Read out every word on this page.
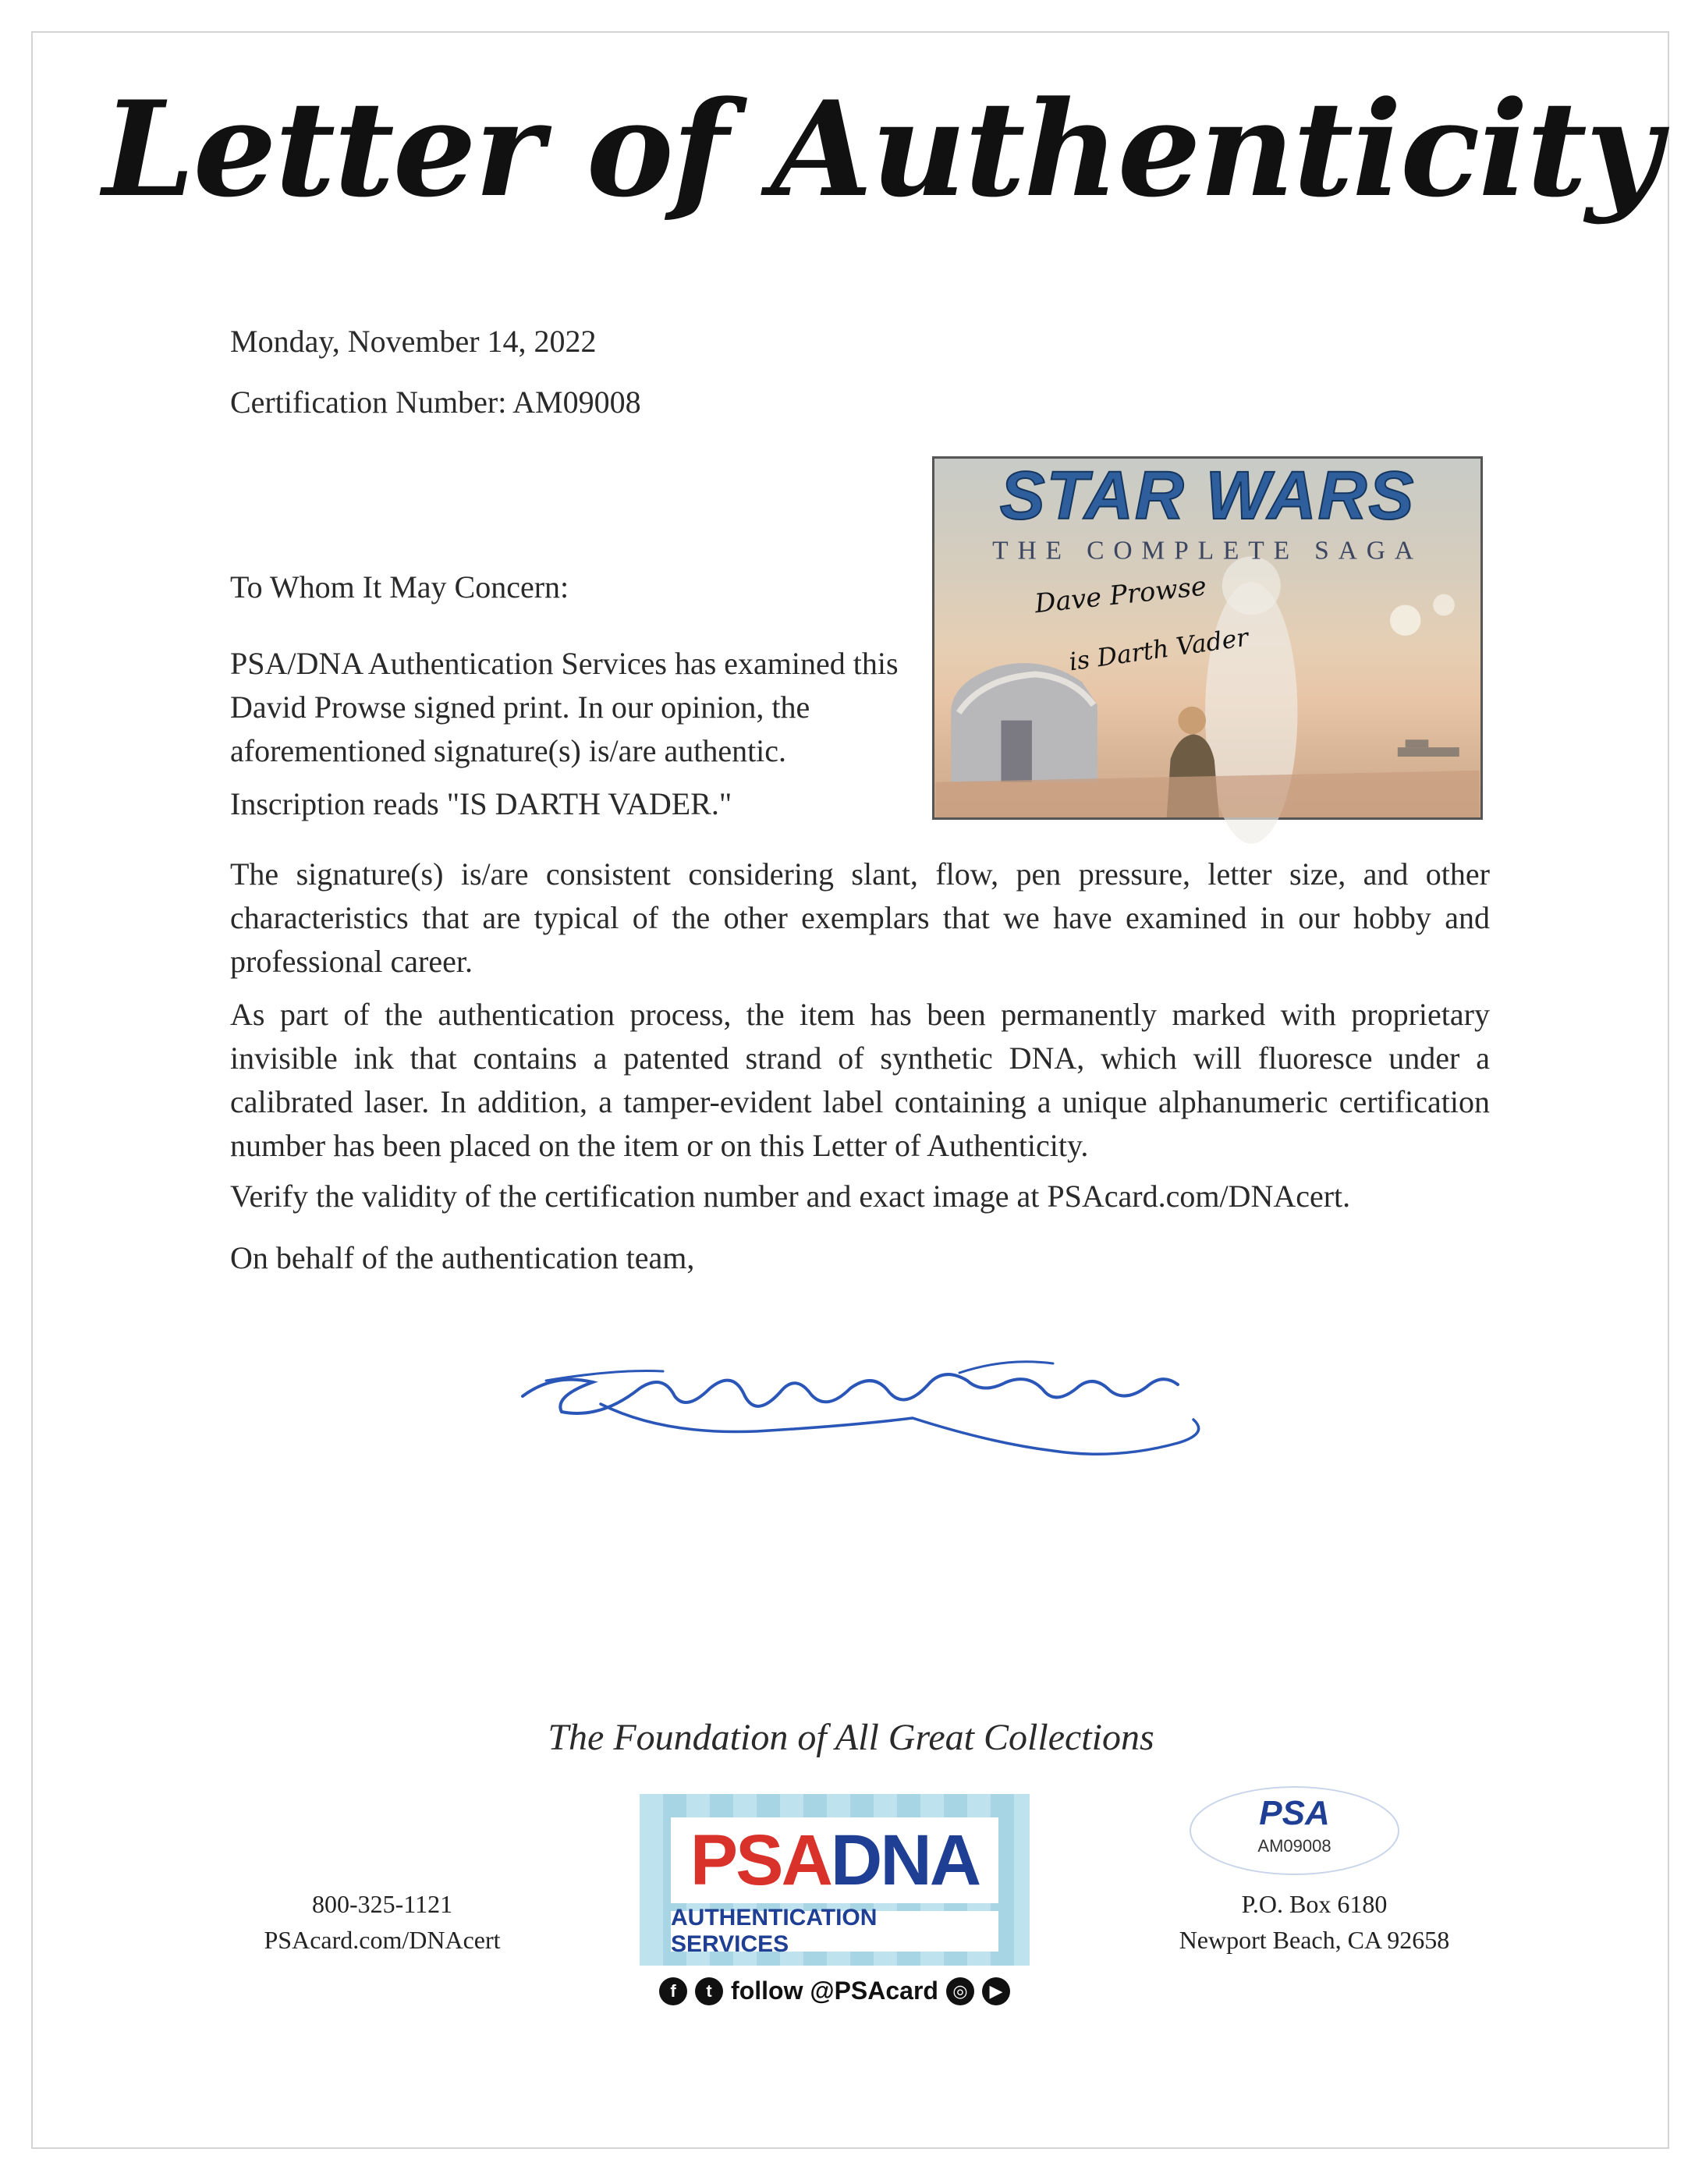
Letter of Authenticity
Monday, November 14, 2022
Certification Number: AM09008
STAR WARS
THE COMPLETE SAGA
Dave Prowse
is Darth Vader
To Whom It May Concern:
PSA/DNA Authentication Services has examined this David Prowse signed print. In our opinion, the aforementioned signature(s) is/are authentic.
Inscription reads "IS DARTH VADER."
The signature(s) is/are consistent considering slant, flow, pen pressure, letter size, and other characteristics that are typical of the other exemplars that we have examined in our hobby and professional career.
As part of the authentication process, the item has been permanently marked with proprietary invisible ink that contains a patented strand of synthetic DNA, which will fluoresce under a calibrated laser. In addition, a tamper-evident label containing a unique alphanumeric certification number has been placed on the item or on this Letter of Authenticity.
Verify the validity of the certification number and exact image at PSAcard.com/DNAcert.
On behalf of the authentication team,
The Foundation of All Great Collections
800-325-1121
PSAcard.com/DNAcert
PSA DNA
AUTHENTICATION SERVICES
f	t follow @PSAcard ◎	▶
PSA
AM09008
P.O. Box 6180
Newport Beach, CA 92658
